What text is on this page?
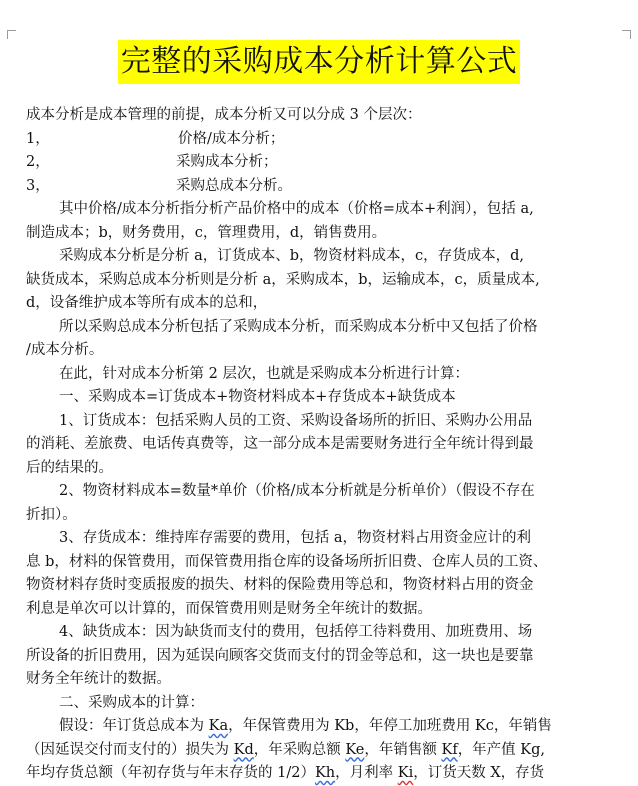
完整的采购成本分析计算公式

成本分析是成本管理的前提，成本分析又可以分成 3 个层次：

1，	价格/成本分析；

2，	采购成本分析；

3，	采购总成本分析。

其中价格/成本分析指分析产品价格中的成本（价格=成本+利润），包括 a,

制造成本；b，财务费用，c，管理费用，d，销售费用。

采购成本分析是分析 a，订货成本、b，物资材料成本，c，存货成本，d,

缺货成本，采购总成本分析则是分析 a，采购成本，b，运输成本，c，质量成本,

d，设备维护成本等所有成本的总和，

所以采购总成本分析包括了采购成本分析，而采购成本分析中又包括了价格

/成本分析。

在此，针对成本分析第 2 层次，也就是采购成本分析进行计算：

一、采购成本=订货成本+物资材料成本+存货成本+缺货成本

1、订货成本：包括采购人员的工资、采购设备场所的折旧、采购办公用品

的消耗、差旅费、电话传真费等，这一部分成本是需要财务进行全年统计得到最

后的结果的。

2、物资材料成本=数量*单价（价格/成本分析就是分析单价）（假设不存在

折扣）。

3、存货成本：维持库存需要的费用，包括 a，物资材料占用资金应计的利

息 b，材料的保管费用，而保管费用指仓库的设备场所折旧费、仓库人员的工资、

物资材料存货时变质报废的损失、材料的保险费用等总和，物资材料占用的资金

利息是单次可以计算的，而保管费用则是财务全年统计的数据。

4、缺货成本：因为缺货而支付的费用，包括停工待料费用、加班费用、场

所设备的折旧费用，因为延误向顾客交货而支付的罚金等总和，这一块也是要靠

财务全年统计的数据。

二、采购成本的计算：

假设：年订货总成本为 Ka，年保管费用为 Kb，年停工加班费用 Kc，年销售

（因延误交付而支付的）损失为 Kd，年采购总额 Ke，年销售额 Kf，年产值 Kg,

年均存货总额（年初存货与年末存货的 1/2）Kh，月利率 Ki，订货天数 X，存货
